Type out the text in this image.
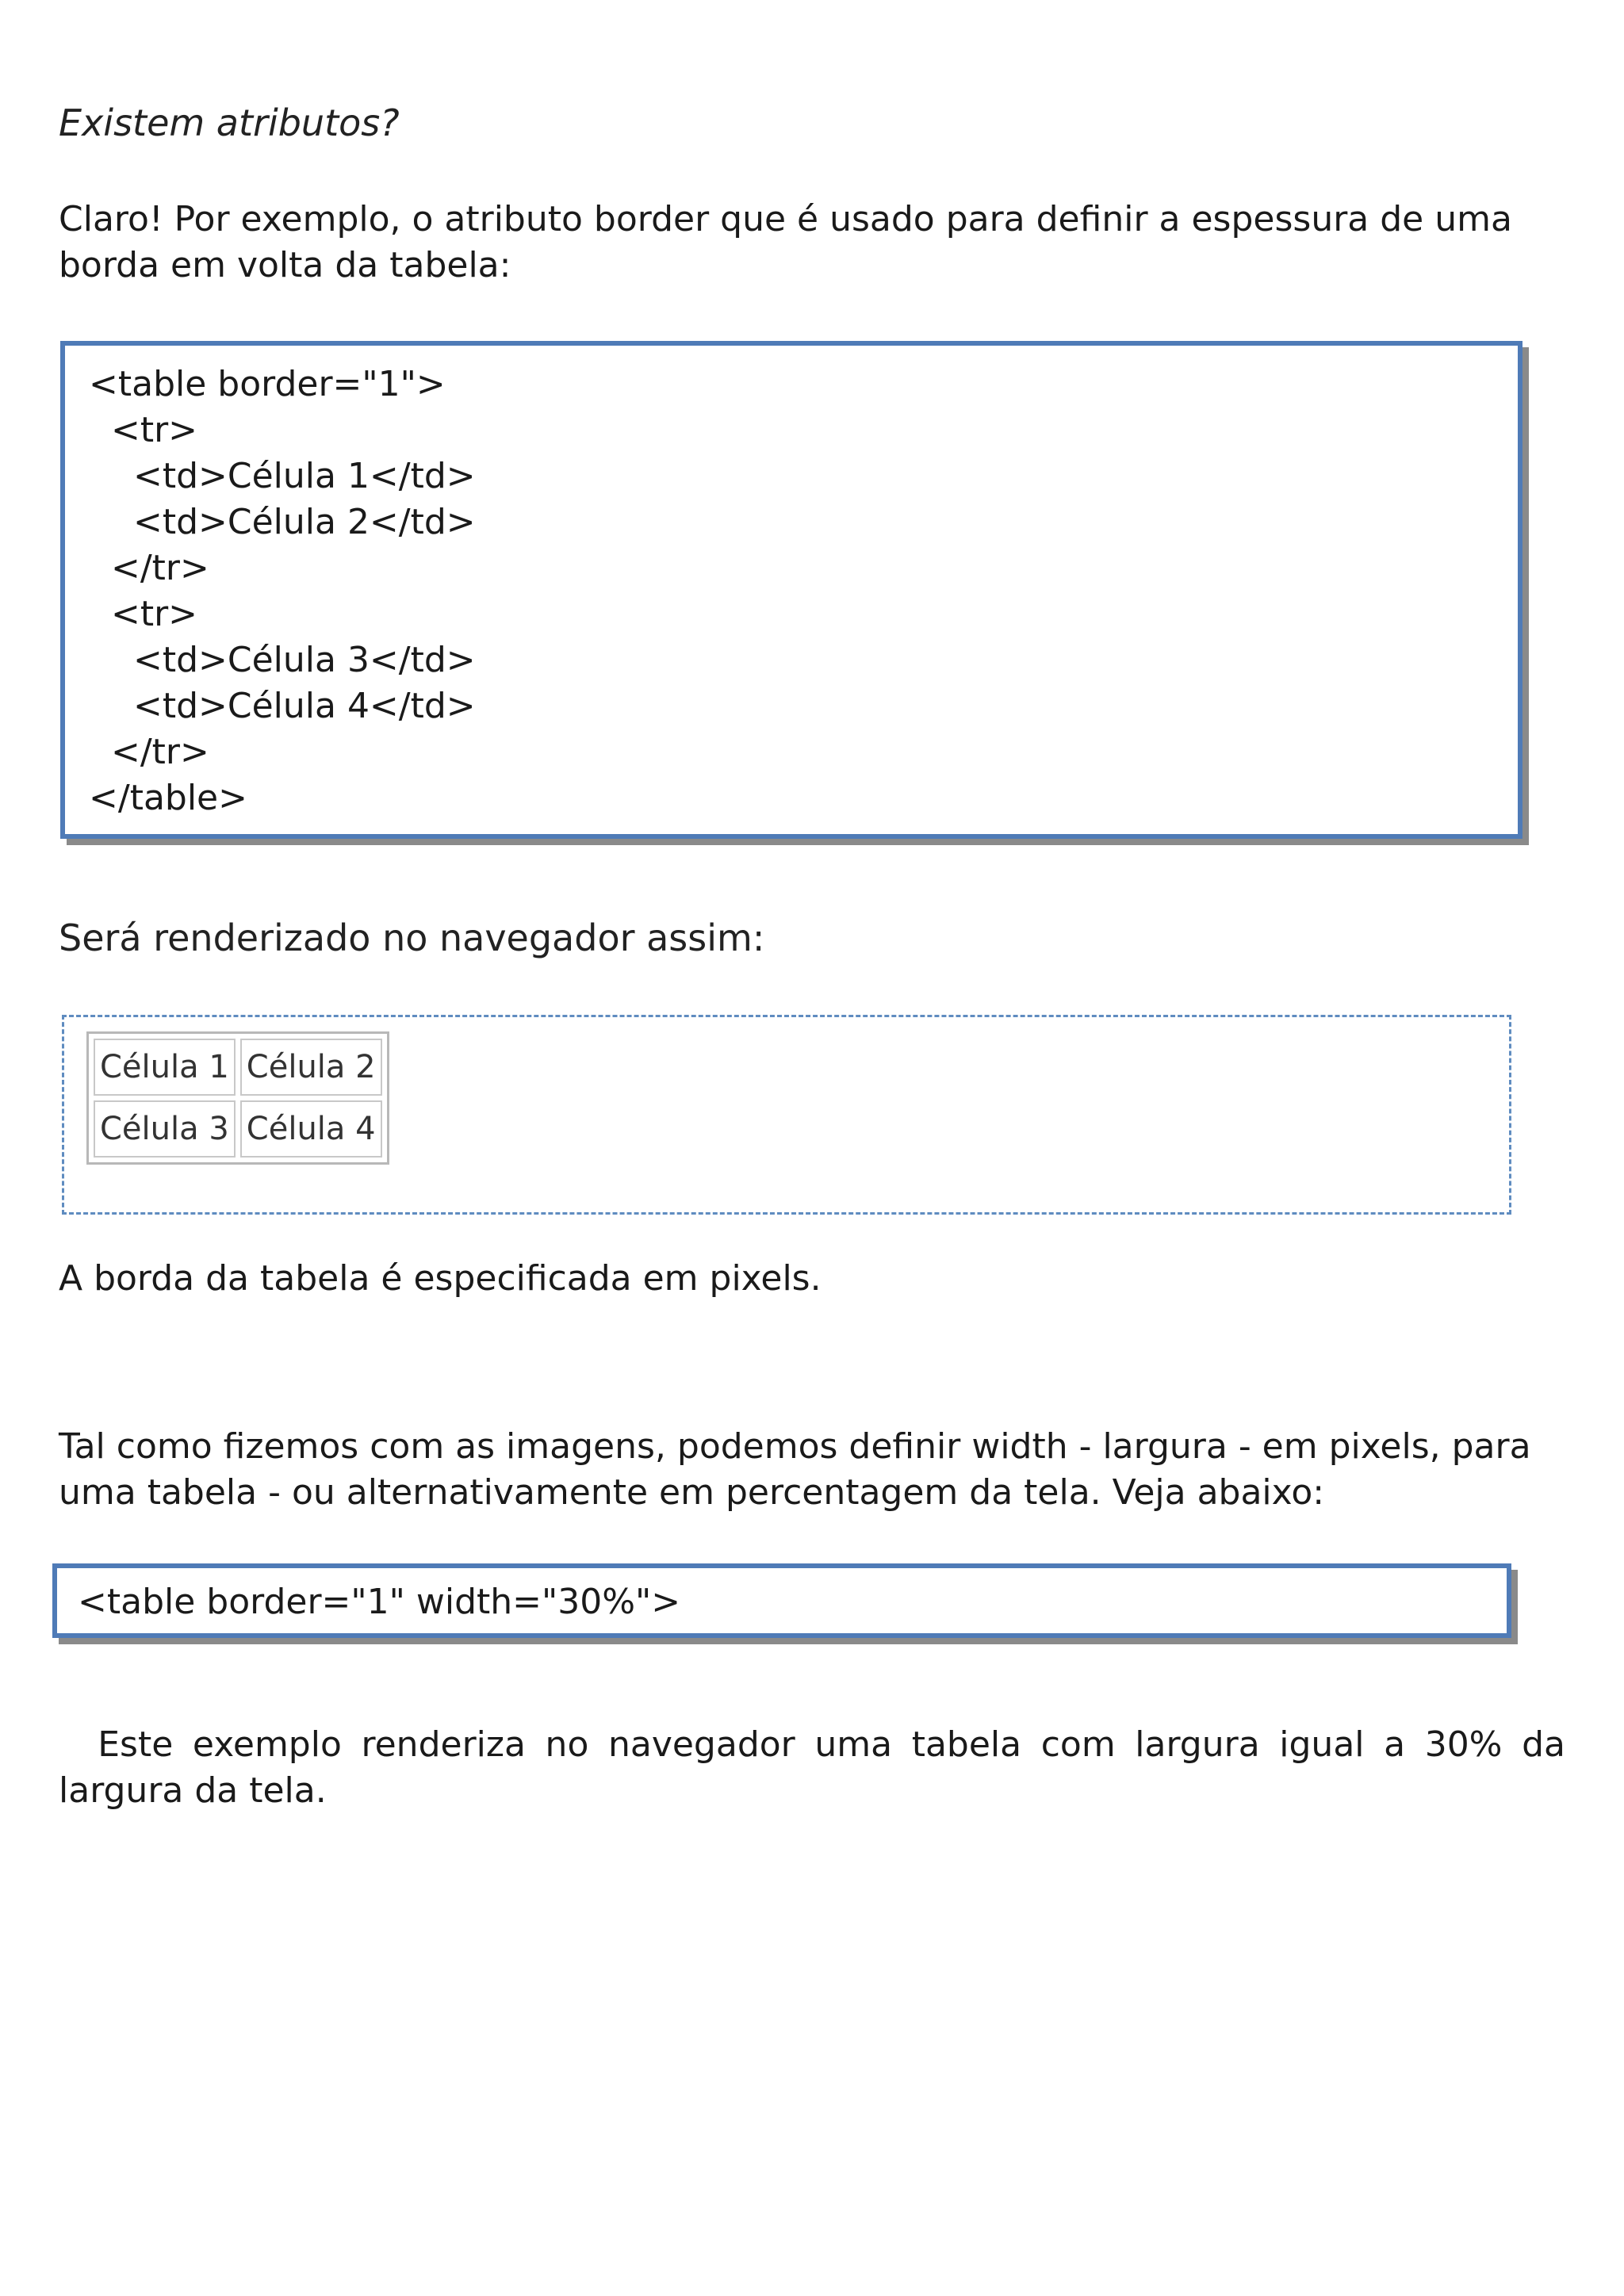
Existem atributos?

Claro! Por exemplo, o atributo border que é usado para definir a espessura de uma borda em volta da tabela:

<table border="1">
<tr>
<td>Célula 1</td>
<td>Célula 2</td>
</tr>
<tr>
<td>Célula 3</td>
<td>Célula 4</td>
</tr>
</table>

Será renderizado no navegador assim:

Célula 1	Célula 2
Célula 3	Célula 4

A borda da tabela é especificada em pixels.

Tal como fizemos com as imagens, podemos definir width - largura - em pixels, para uma tabela - ou alternativamente em percentagem da tela. Veja abaixo:

<table border="1" width="30%">

Este exemplo renderiza no navegador uma tabela com largura igual a 30% da largura da tela.
